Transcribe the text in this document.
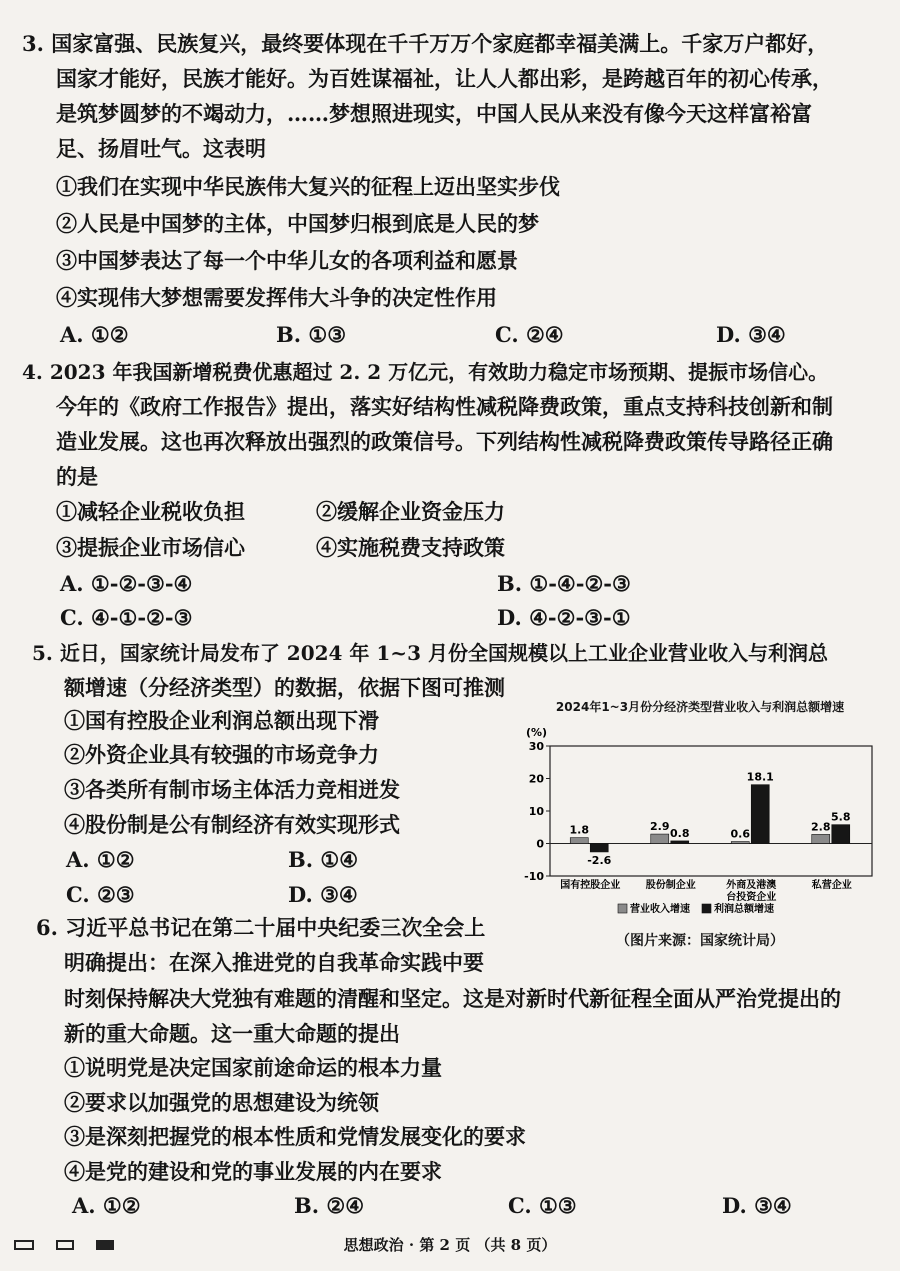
3. 国家富强、民族复兴，最终要体现在千千万万个家庭都幸福美满上。千家万户都好，
国家才能好，民族才能好。为百姓谋福祉，让人人都出彩，是跨越百年的初心传承，
是筑梦圆梦的不竭动力，……梦想照进现实，中国人民从来没有像今天这样富裕富
足、扬眉吐气。这表明
①我们在实现中华民族伟大复兴的征程上迈出坚实步伐
②人民是中国梦的主体，中国梦归根到底是人民的梦
③中国梦表达了每一个中华儿女的各项利益和愿景
④实现伟大梦想需要发挥伟大斗争的决定性作用
A. ①②	B. ①③	C. ②④	D. ③④
4. 2023 年我国新增税费优惠超过 2. 2 万亿元，有效助力稳定市场预期、提振市场信心。
今年的《政府工作报告》提出，落实好结构性减税降费政策，重点支持科技创新和制
造业发展。这也再次释放出强烈的政策信号。下列结构性减税降费政策传导路径正确
的是
①减轻企业税收负担	②缓解企业资金压力
③提振企业市场信心	④实施税费支持政策
A. ①-②-③-④	B. ①-④-②-③
C. ④-①-②-③	D. ④-②-③-①
5. 近日，国家统计局发布了 2024 年 1~3 月份全国规模以上工业企业营业收入与利润总
额增速（分经济类型）的数据，依据下图可推测
①国有控股企业利润总额出现下滑
②外资企业具有较强的市场竞争力
③各类所有制市场主体活力竞相迸发
④股份制是公有制经济有效实现形式
A. ①②	B. ①④
C. ②③	D. ③④
2024年1~3月份分经济类型营业收入与利润总额增速
(%)
30
20
10
0
-10
1.8
-2.6
国有控股企业
2.9
0.8
股份制企业
0.6
18.1
外商及港澳
台投资企业
2.8
5.8
私营企业
营业收入增速 利润总额增速
（图片来源：国家统计局）
6. 习近平总书记在第二十届中央纪委三次全会上
明确提出：在深入推进党的自我革命实践中要
时刻保持解决大党独有难题的清醒和坚定。这是对新时代新征程全面从严治党提出的
新的重大命题。这一重大命题的提出
①说明党是决定国家前途命运的根本力量
②要求以加强党的思想建设为统领
③是深刻把握党的根本性质和党情发展变化的要求
④是党的建设和党的事业发展的内在要求
A. ①②	B. ②④	C. ①③	D. ③④
思想政治 · 第 2 页 （共 8 页）
